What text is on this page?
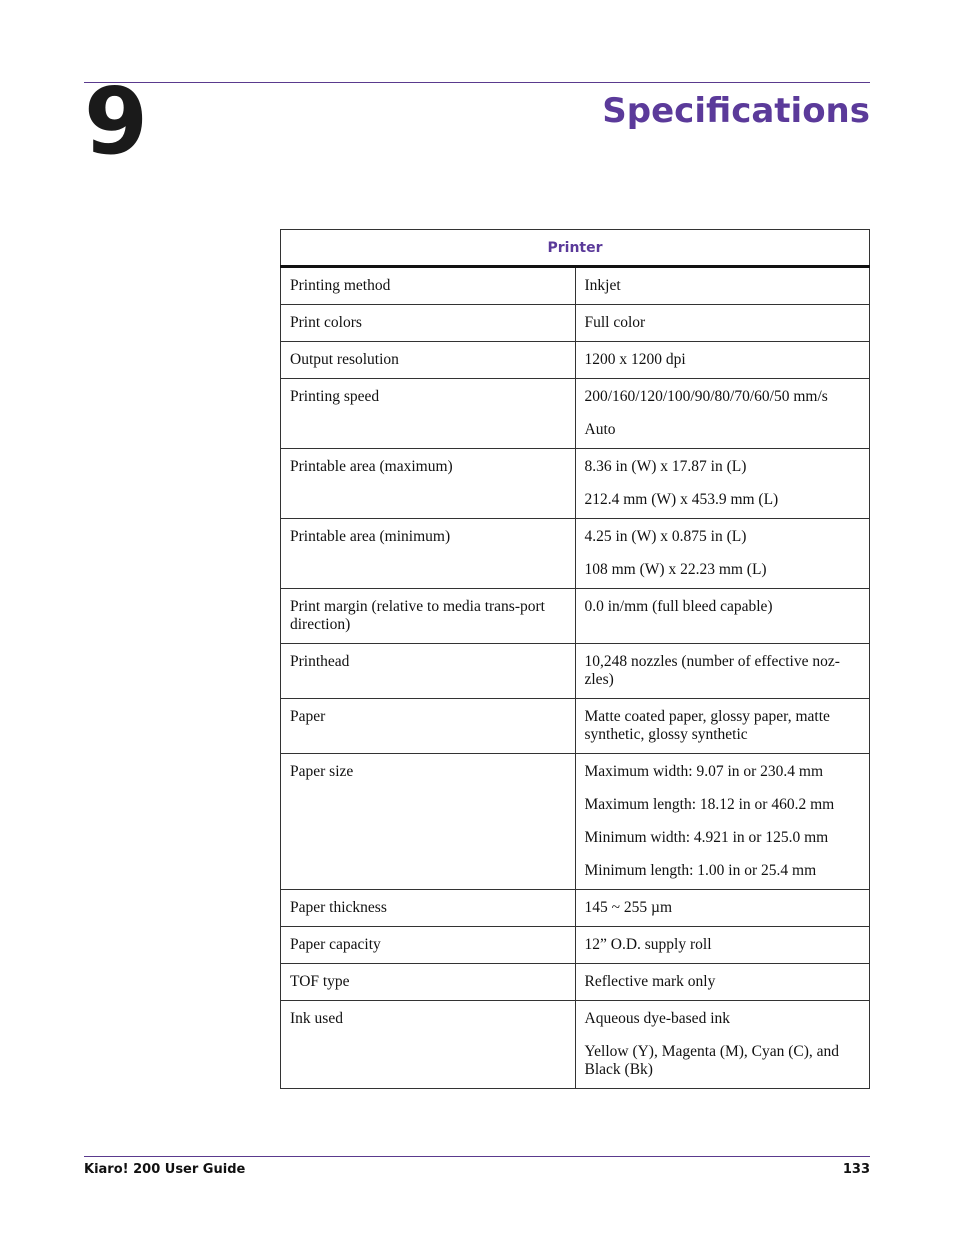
9	Specifications
Printer	
Printing method	Inkjet

Print colors	Full color

Output resolution	1200 x 1200 dpi

Printing speed	200/160/120/100/90/80/70/60/50 mm/s
Auto

Printable area (maximum)	8.36 in (W) x 17.87 in (L)
212.4 mm (W) x 453.9 mm (L)

Printable area (minimum)	4.25 in (W) x 0.875 in (L)
108 mm (W) x 22.23 mm (L)

Print margin (relative to media trans-port direction)	0.0 in/mm (full bleed capable)

Printhead	10,248 nozzles (number of effective noz-zles)

Paper	Matte coated paper, glossy paper, matte synthetic, glossy synthetic

Paper size	Maximum width: 9.07 in or 230.4 mm
Maximum length: 18.12 in or 460.2 mm
Minimum width: 4.921 in or 125.0 mm
Minimum length: 1.00 in or 25.4 mm

Paper thickness	145 ~ 255 µm

Paper capacity	12” O.D. supply roll

TOF type	Reflective mark only

Ink used	Aqueous dye-based ink
Yellow (Y), Magenta (M), Cyan (C), and Black (Bk)
Kiaro! 200 User Guide	133
